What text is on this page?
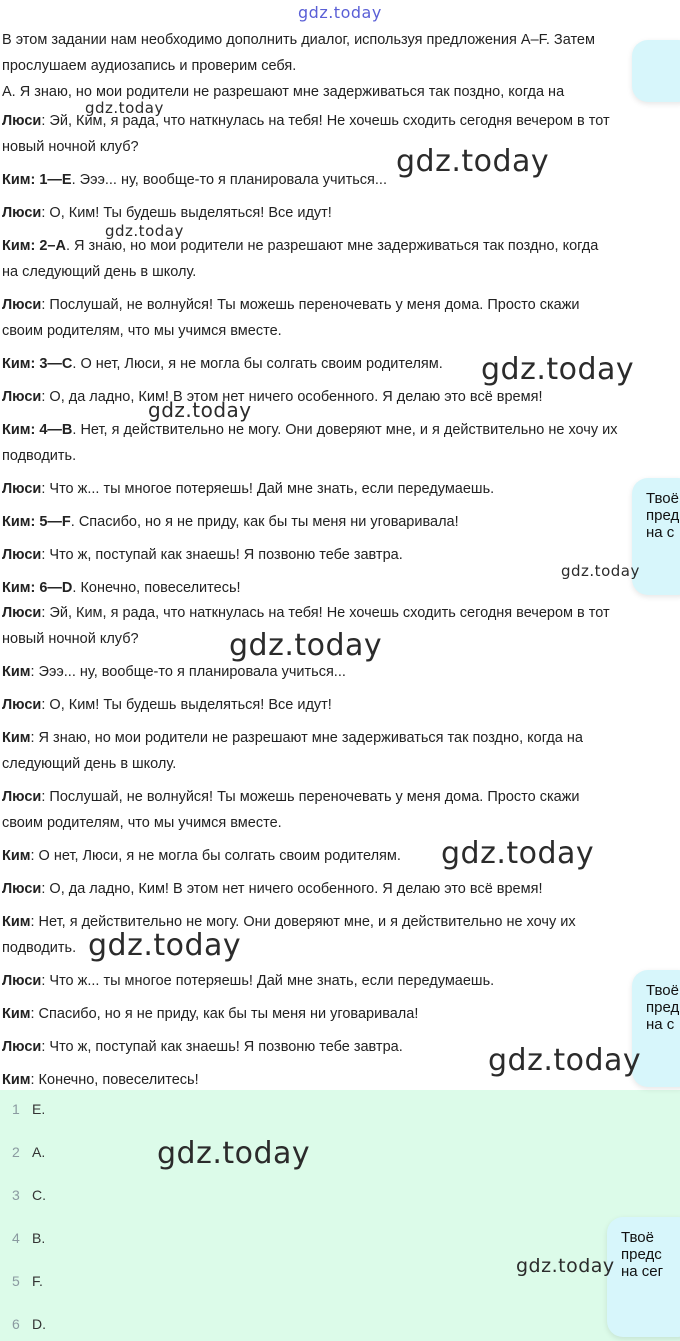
gdz.today
В этом задании нам необходимо дополнить диалог, используя предложения A–F. Затем
прослушаем аудиозапись и проверим себя.
A. Я знаю, но мои родители не разрешают мне задерживаться так поздно, когда на
Люси: Эй, Ким, я рада, что наткнулась на тебя! Не хочешь сходить сегодня вечером в тот
новый ночной клуб?
Ким: 1—E. Эээ... ну, вообще-то я планировала учиться...
Люси: О, Ким! Ты будешь выделяться! Все идут!
Ким: 2–A. Я знаю, но мои родители не разрешают мне задерживаться так поздно, когда
на следующий день в школу.
Люси: Послушай, не волнуйся! Ты можешь переночевать у меня дома. Просто скажи
своим родителям, что мы учимся вместе.
Ким: 3—C. О нет, Люси, я не могла бы солгать своим родителям.
Люси: О, да ладно, Ким! В этом нет ничего особенного. Я делаю это всё время!
Ким: 4—B. Нет, я действительно не могу. Они доверяют мне, и я действительно не хочу их
подводить.
Люси: Что ж... ты многое потеряешь! Дай мне знать, если передумаешь.
Ким: 5—F. Спасибо, но я не приду, как бы ты меня ни уговаривала!
Люси: Что ж, поступай как знаешь! Я позвоню тебе завтра.
Ким: 6—D. Конечно, повеселитесь!
Люси: Эй, Ким, я рада, что наткнулась на тебя! Не хочешь сходить сегодня вечером в тот
новый ночной клуб?
Ким: Эээ... ну, вообще-то я планировала учиться...
Люси: О, Ким! Ты будешь выделяться! Все идут!
Ким: Я знаю, но мои родители не разрешают мне задерживаться так поздно, когда на
следующий день в школу.
Люси: Послушай, не волнуйся! Ты можешь переночевать у меня дома. Просто скажи
своим родителям, что мы учимся вместе.
Ким: О нет, Люси, я не могла бы солгать своим родителям.
Люси: О, да ладно, Ким! В этом нет ничего особенного. Я делаю это всё время!
Ким: Нет, я действительно не могу. Они доверяют мне, и я действительно не хочу их
подводить.
Люси: Что ж... ты многое потеряешь! Дай мне знать, если передумаешь.
Ким: Спасибо, но я не приду, как бы ты меня ни уговаривала!
Люси: Что ж, поступай как знаешь! Я позвоню тебе завтра.
Ким: Конечно, повеселитесь!
1 E.
2 A.
3 C.
4 B.
5 F.
6 D.
Твоё
пред
на с
Твоё
пред
на с
Твоё
предс
на сег
gdz.today
gdz.today
gdz.today
gdz.today
gdz.today
gdz.today
gdz.today
gdz.today
gdz.today
gdz.today
gdz.today
gdz.today
